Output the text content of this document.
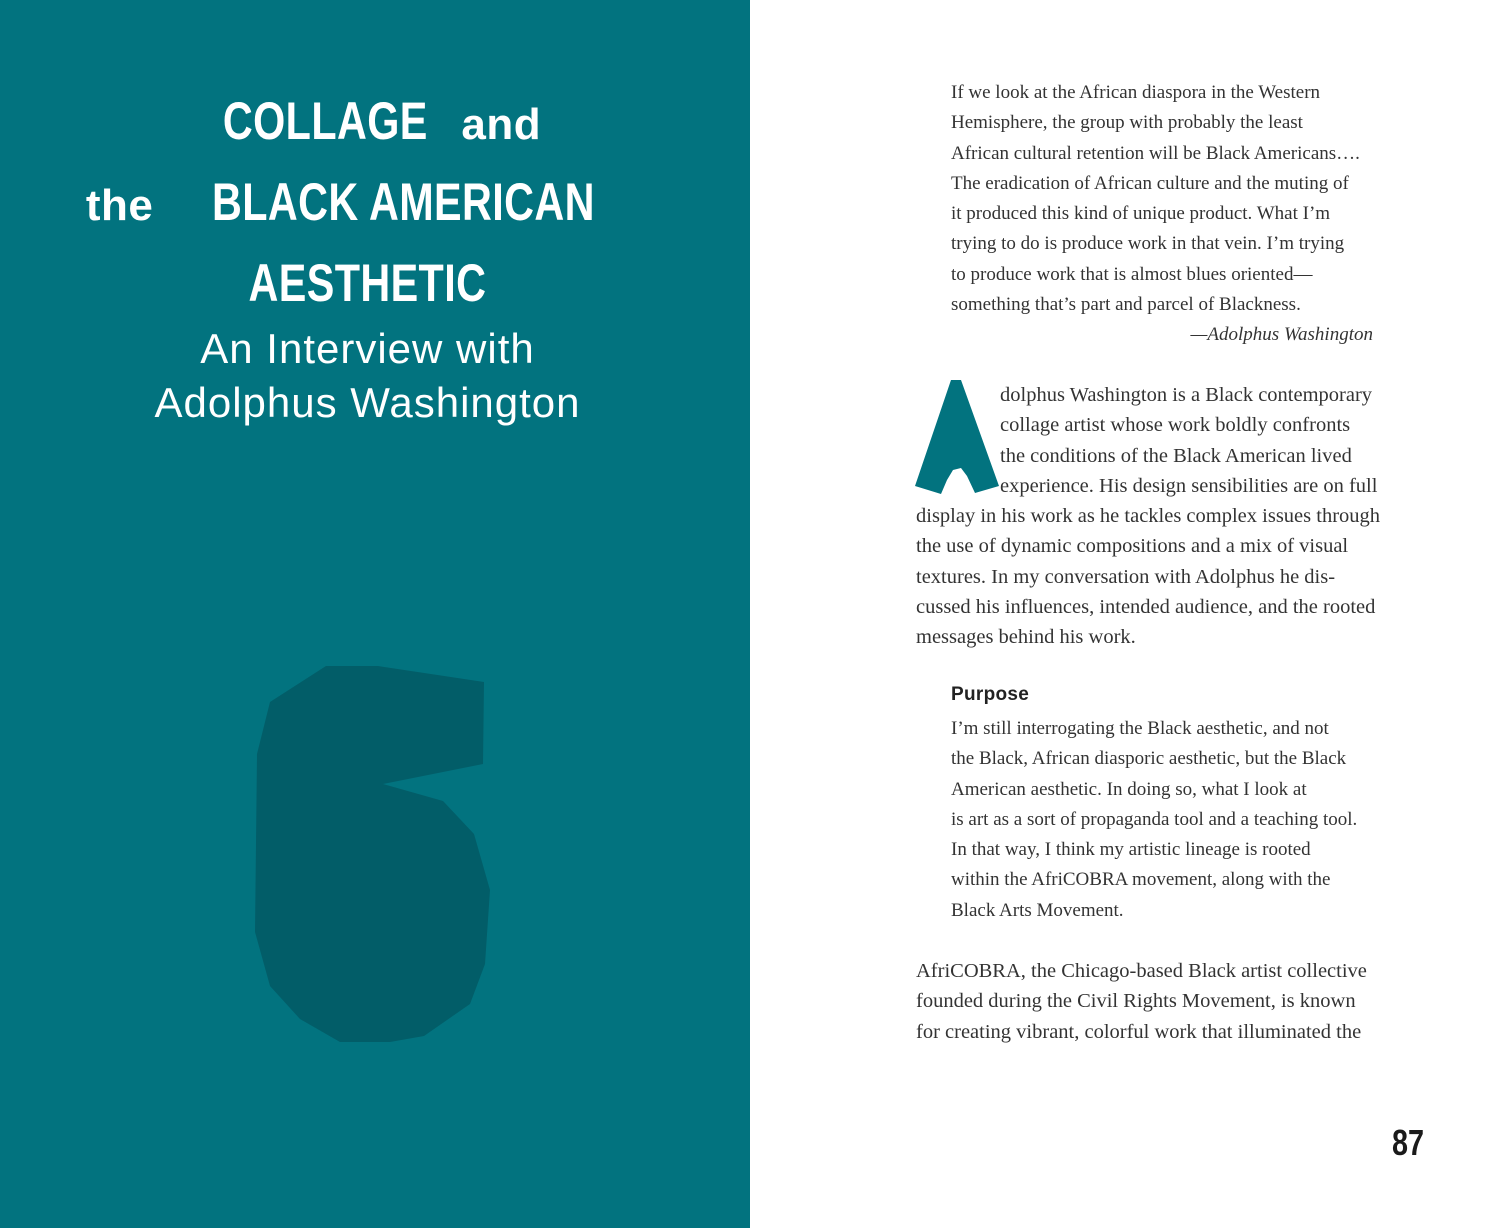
COLLAGE and
the BLACK AMERICAN
AESTHETIC
An Interview with
Adolphus Washington
If we look at the African diaspora in the Western
Hemisphere, the group with probably the least
African cultural retention will be Black Americans….
The eradication of African culture and the muting of
it produced this kind of unique product. What I’m
trying to do is produce work in that vein. I’m trying
to produce work that is almost blues oriented—
something that’s part and parcel of Blackness.
—Adolphus Washington
dolphus Washington is a Black contemporary
collage artist whose work boldly confronts
the conditions of the Black American lived
experience. His design sensibilities are on full
display in his work as he tackles complex issues through
the use of dynamic compositions and a mix of visual
textures. In my conversation with Adolphus he dis-
cussed his influences, intended audience, and the rooted
messages behind his work.
Purpose
I’m still interrogating the Black aesthetic, and not
the Black, African diasporic aesthetic, but the Black
American aesthetic. In doing so, what I look at
is art as a sort of propaganda tool and a teaching tool.
In that way, I think my artistic lineage is rooted
within the AfriCOBRA movement, along with the
Black Arts Movement.
AfriCOBRA, the Chicago-based Black artist collective
founded during the Civil Rights Movement, is known
for creating vibrant, colorful work that illuminated the
87
